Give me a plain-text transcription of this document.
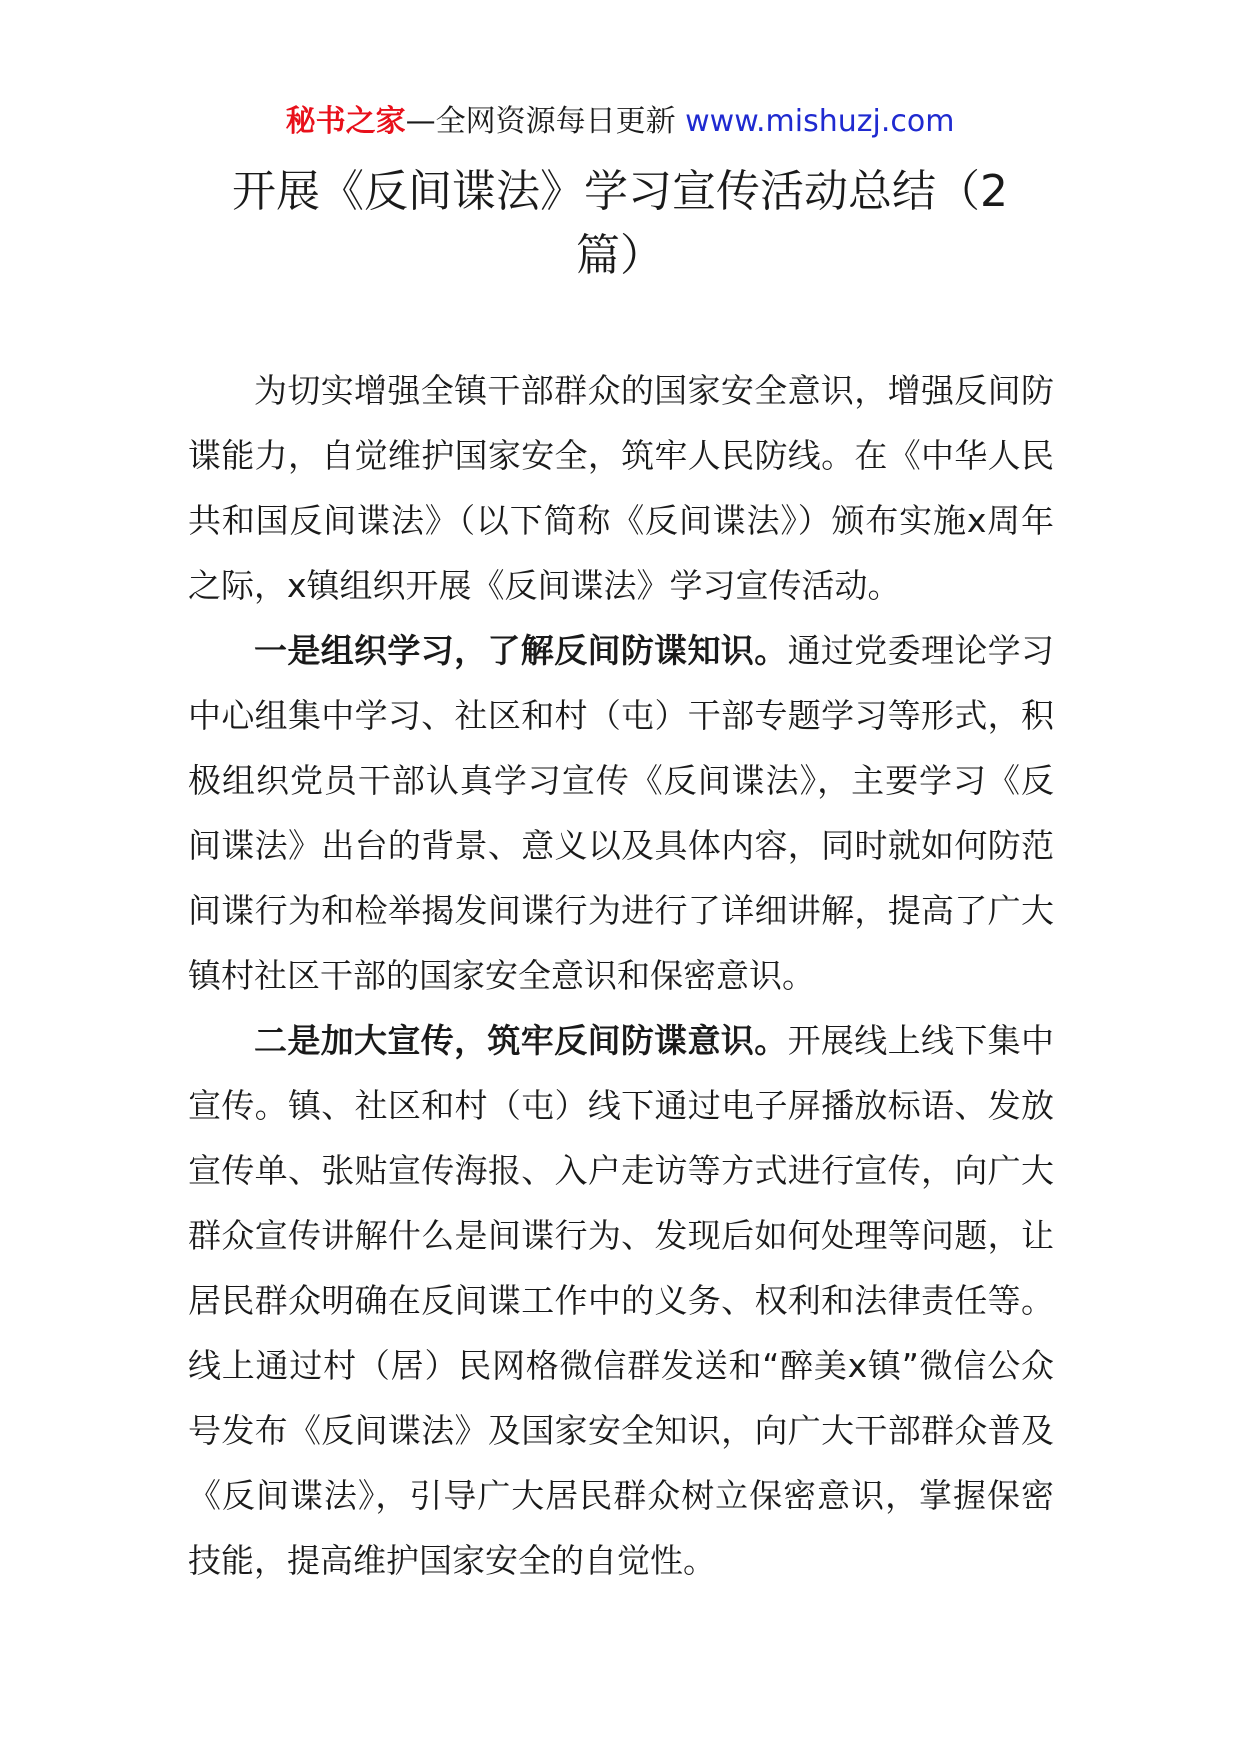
秘书之家—全网资源每日更新 www.mishuzj.com
开展《反间谍法》学习宣传活动总结（2篇）

为切实增强全镇干部群众的国家安全意识，增强反间防谍能力，自觉维护国家安全，筑牢人民防线。在《中华人民共和国反间谍法》（以下简称《反间谍法》）颁布实施x周年之际，x镇组织开展《反间谍法》学习宣传活动。

一是组织学习，了解反间防谍知识。通过党委理论学习中心组集中学习、社区和村（屯）干部专题学习等形式，积极组织党员干部认真学习宣传《反间谍法》，主要学习《反间谍法》出台的背景、意义以及具体内容，同时就如何防范间谍行为和检举揭发间谍行为进行了详细讲解，提高了广大镇村社区干部的国家安全意识和保密意识。

二是加大宣传，筑牢反间防谍意识。开展线上线下集中宣传。镇、社区和村（屯）线下通过电子屏播放标语、发放宣传单、张贴宣传海报、入户走访等方式进行宣传，向广大群众宣传讲解什么是间谍行为、发现后如何处理等问题，让居民群众明确在反间谍工作中的义务、权利和法律责任等。线上通过村（居）民网格微信群发送和“醉美x镇”微信公众号发布《反间谍法》及国家安全知识，向广大干部群众普及《反间谍法》，引导广大居民群众树立保密意识，掌握保密技能，提高维护国家安全的自觉性。
